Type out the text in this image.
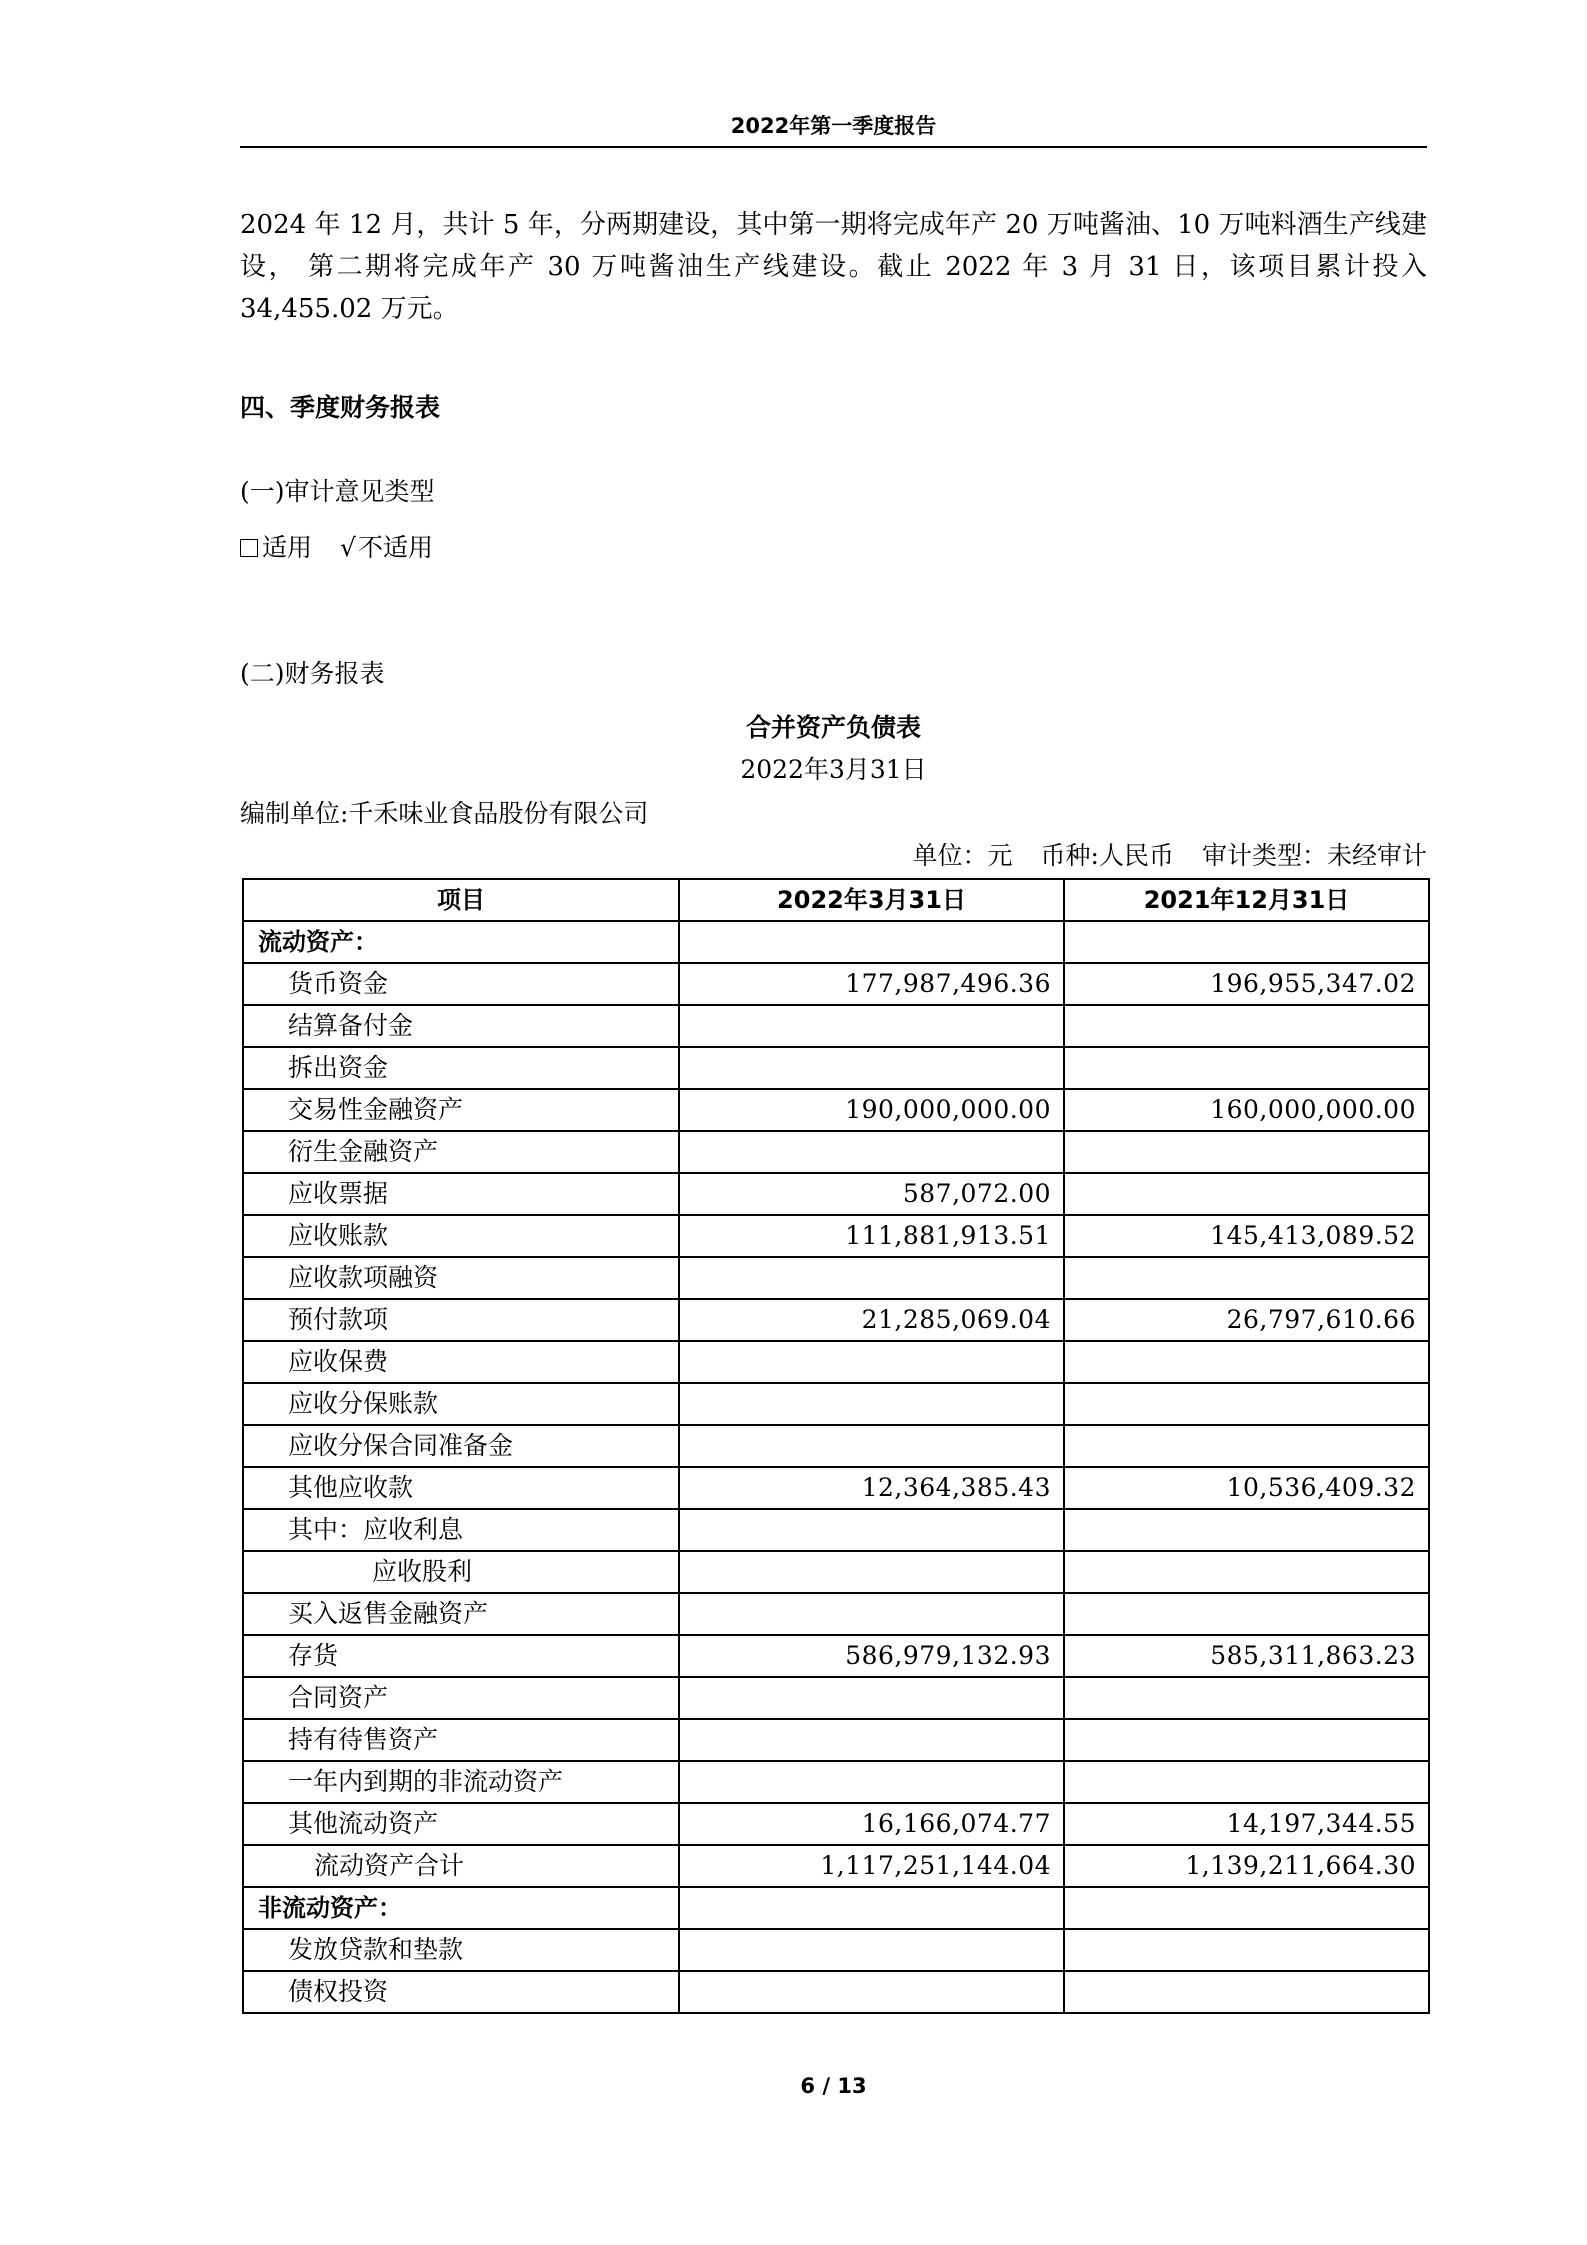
2022年第一季度报告
2024 年 12 月，共计 5 年，分两期建设，其中第一期将完成年产 20 万吨酱油、10 万吨料酒生产线建设， 第二期将完成年产 30 万吨酱油生产线建设。截止 2022 年 3 月 31 日，该项目累计投入 34,455.02 万元。
四、季度财务报表
(一)审计意见类型
适用 √ 不适用
(二)财务报表
合并资产负债表
2022年3月31日
编制单位:千禾味业食品股份有限公司
单位：元 币种:人民币 审计类型：未经审计
项目	2022年3月31日	2021年12月31日
流动资产：		
货币资金	177,987,496.36	196,955,347.02
结算备付金		
拆出资金		
交易性金融资产	190,000,000.00	160,000,000.00
衍生金融资产		
应收票据	587,072.00	
应收账款	111,881,913.51	145,413,089.52
应收款项融资		
预付款项	21,285,069.04	26,797,610.66
应收保费		
应收分保账款		
应收分保合同准备金		
其他应收款	12,364,385.43	10,536,409.32
其中：应收利息		
应收股利		
买入返售金融资产		
存货	586,979,132.93	585,311,863.23
合同资产		
持有待售资产		
一年内到期的非流动资产		
其他流动资产	16,166,074.77	14,197,344.55
流动资产合计	1,117,251,144.04	1,139,211,664.30
非流动资产：		
发放贷款和垫款		
债权投资		
6 / 13
